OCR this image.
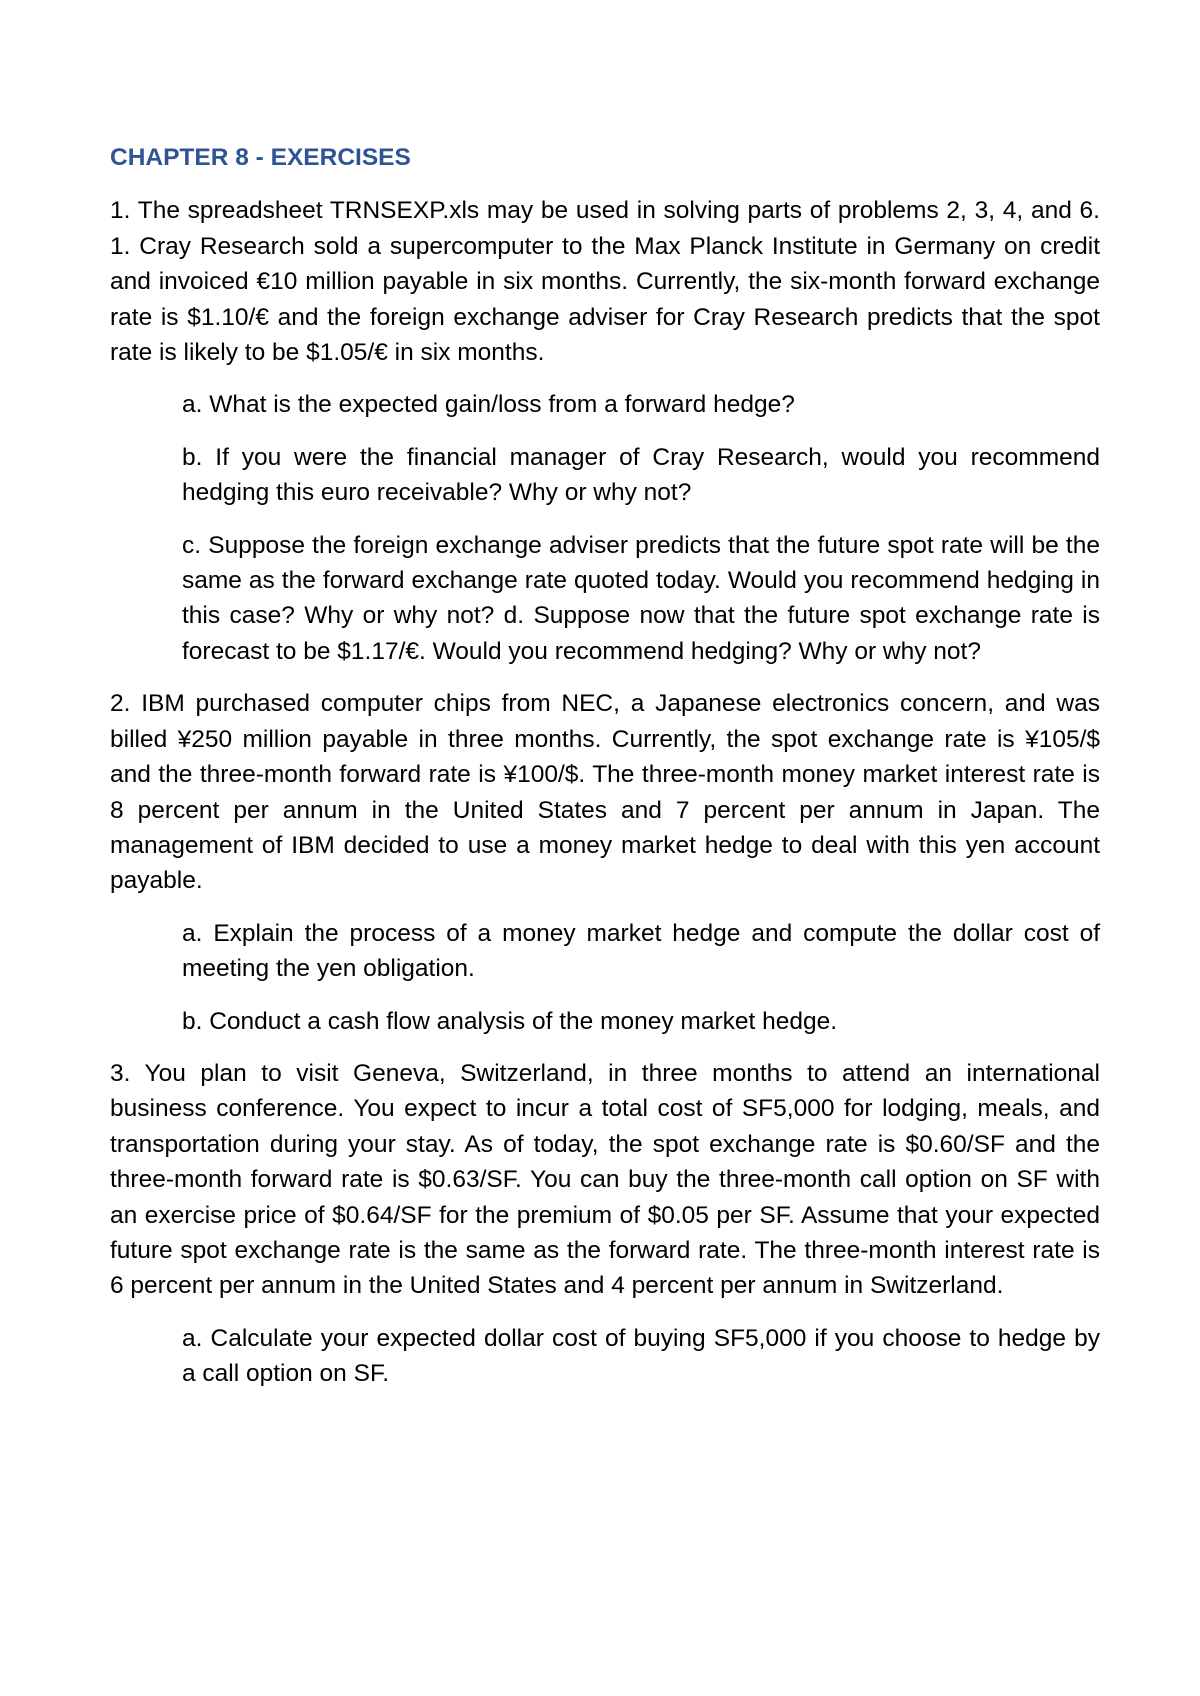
CHAPTER 8 - EXERCISES

1. The spreadsheet TRNSEXP.xls may be used in solving parts of problems 2, 3, 4, and 6. 1. Cray Research sold a supercomputer to the Max Planck Institute in Germany on credit and invoiced €10 million payable in six months. Currently, the six-month forward exchange rate is $1.10/€ and the foreign exchange adviser for Cray Research predicts that the spot rate is likely to be $1.05/€ in six months.

a. What is the expected gain/loss from a forward hedge?

b. If you were the financial manager of Cray Research, would you recommend hedging this euro receivable? Why or why not?

c. Suppose the foreign exchange adviser predicts that the future spot rate will be the same as the forward exchange rate quoted today. Would you recommend hedging in this case? Why or why not? d. Suppose now that the future spot exchange rate is forecast to be $1.17/€. Would you recommend hedging? Why or why not?

2. IBM purchased computer chips from NEC, a Japanese electronics concern, and was billed ¥250 million payable in three months. Currently, the spot exchange rate is ¥105/$ and the three-month forward rate is ¥100/$. The three-month money market interest rate is 8 percent per annum in the United States and 7 percent per annum in Japan. The management of IBM decided to use a money market hedge to deal with this yen account payable.

a. Explain the process of a money market hedge and compute the dollar cost of meeting the yen obligation.

b. Conduct a cash flow analysis of the money market hedge.

3. You plan to visit Geneva, Switzerland, in three months to attend an international business conference. You expect to incur a total cost of SF5,000 for lodging, meals, and transportation during your stay. As of today, the spot exchange rate is $0.60/SF and the three-month forward rate is $0.63/SF. You can buy the three-month call option on SF with an exercise price of $0.64/SF for the premium of $0.05 per SF. Assume that your expected future spot exchange rate is the same as the forward rate. The three-month interest rate is 6 percent per annum in the United States and 4 percent per annum in Switzerland.

a. Calculate your expected dollar cost of buying SF5,000 if you choose to hedge by a call option on SF.
